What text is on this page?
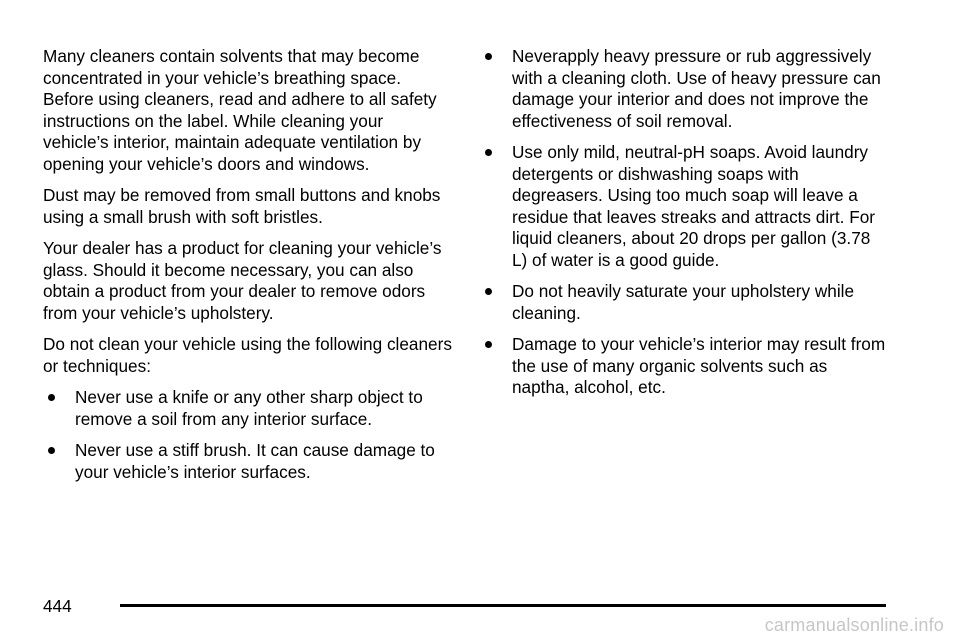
Many cleaners contain solvents that may become concentrated in your vehicle’s breathing space. Before using cleaners, read and adhere to all safety instructions on the label. While cleaning your vehicle’s interior, maintain adequate ventilation by opening your vehicle’s doors and windows.

Dust may be removed from small buttons and knobs using a small brush with soft bristles.

Your dealer has a product for cleaning your vehicle’s glass. Should it become necessary, you can also obtain a product from your dealer to remove odors from your vehicle’s upholstery.

Do not clean your vehicle using the following cleaners or techniques:

Never use a knife or any other sharp object to remove a soil from any interior surface.
Never use a stiff brush. It can cause damage to your vehicle’s interior surfaces.
Neverapply heavy pressure or rub aggressively with a cleaning cloth. Use of heavy pressure can damage your interior and does not improve the effectiveness of soil removal.
Use only mild, neutral-pH soaps. Avoid laundry detergents or dishwashing soaps with degreasers. Using too much soap will leave a residue that leaves streaks and attracts dirt. For liquid cleaners, about 20 drops per gallon (3.78 L) of water is a good guide.
Do not heavily saturate your upholstery while cleaning.
Damage to your vehicle’s interior may result from the use of many organic solvents such as naptha, alcohol, etc.
444
carmanualsonline.info
